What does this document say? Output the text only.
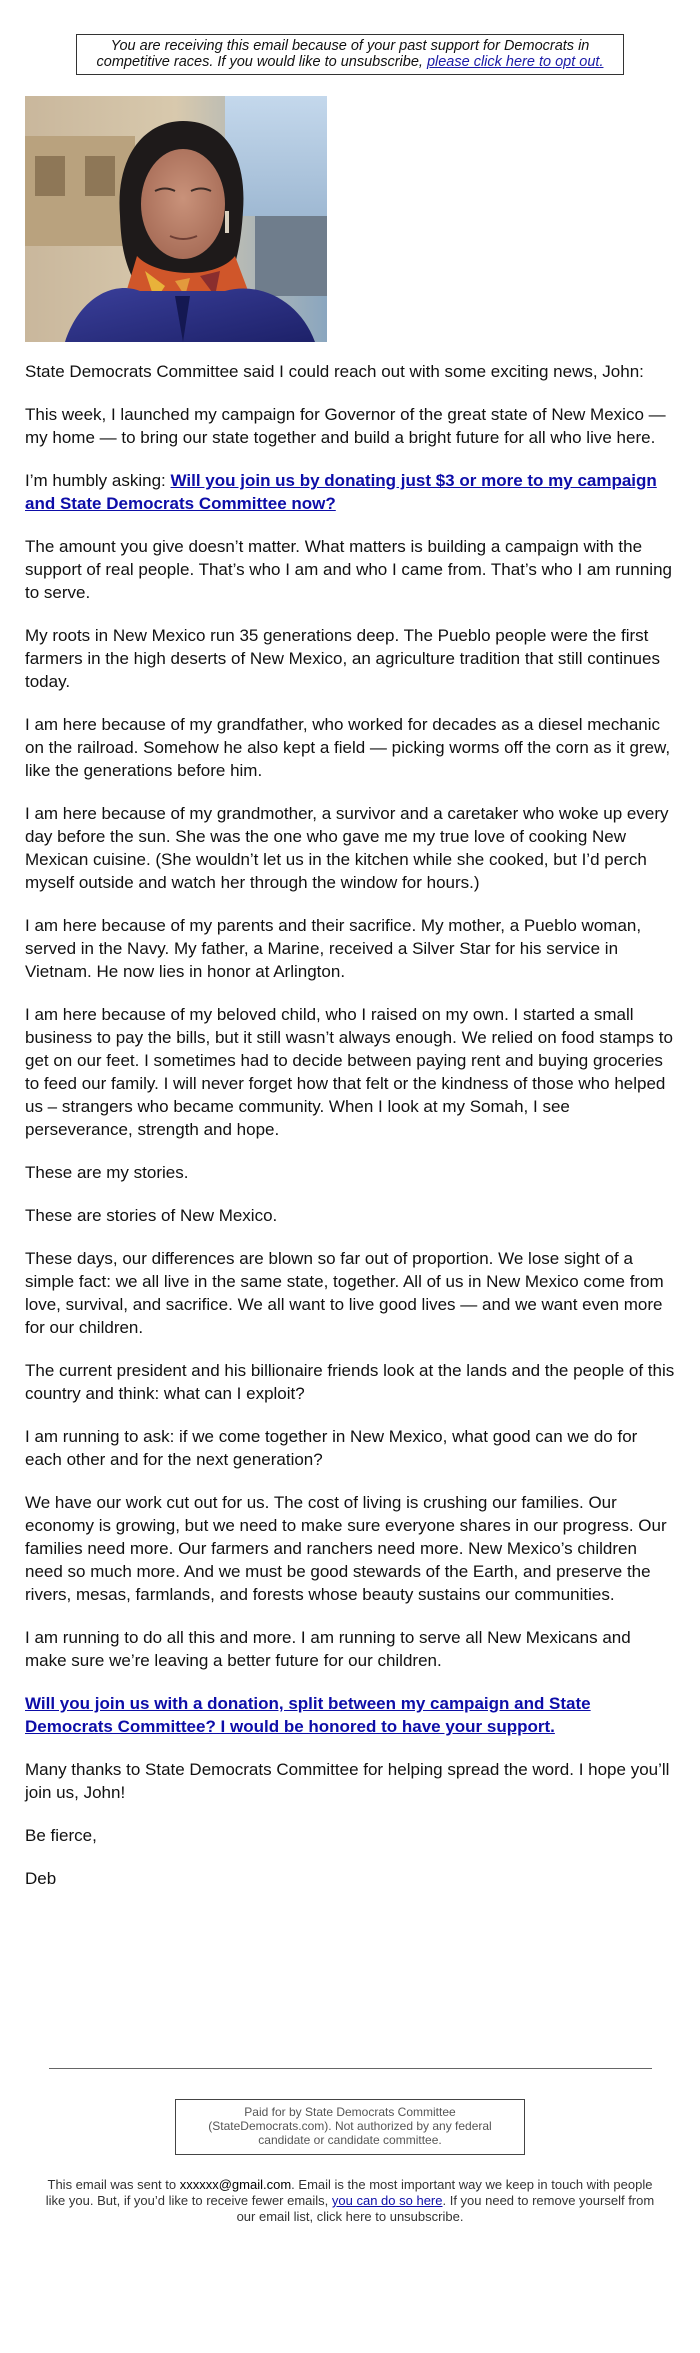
You are receiving this email because of your past support for Democrats in competitive races. If you would like to unsubscribe, please click here to opt out.

State Democrats Committee said I could reach out with some exciting news, John:

This week, I launched my campaign for Governor of the great state of New Mexico — my home — to bring our state together and build a bright future for all who live here.

I’m humbly asking: Will you join us by donating just $3 or more to my campaign and State Democrats Committee now?

The amount you give doesn’t matter. What matters is building a campaign with the support of real people. That’s who I am and who I came from. That’s who I am running to serve.

My roots in New Mexico run 35 generations deep. The Pueblo people were the first farmers in the high deserts of New Mexico, an agriculture tradition that still continues today.

I am here because of my grandfather, who worked for decades as a diesel mechanic on the railroad. Somehow he also kept a field — picking worms off the corn as it grew, like the generations before him.

I am here because of my grandmother, a survivor and a caretaker who woke up every day before the sun. She was the one who gave me my true love of cooking New Mexican cuisine. (She wouldn’t let us in the kitchen while she cooked, but I’d perch myself outside and watch her through the window for hours.)

I am here because of my parents and their sacrifice. My mother, a Pueblo woman, served in the Navy. My father, a Marine, received a Silver Star for his service in Vietnam. He now lies in honor at Arlington.

I am here because of my beloved child, who I raised on my own. I started a small business to pay the bills, but it still wasn’t always enough. We relied on food stamps to get on our feet. I sometimes had to decide between paying rent and buying groceries to feed our family. I will never forget how that felt or the kindness of those who helped us – strangers who became community. When I look at my Somah, I see perseverance, strength and hope.

These are my stories.

These are stories of New Mexico.

These days, our differences are blown so far out of proportion. We lose sight of a simple fact: we all live in the same state, together. All of us in New Mexico come from love, survival, and sacrifice. We all want to live good lives — and we want even more for our children.

The current president and his billionaire friends look at the lands and the people of this country and think: what can I exploit?

I am running to ask: if we come together in New Mexico, what good can we do for each other and for the next generation?

We have our work cut out for us. The cost of living is crushing our families. Our economy is growing, but we need to make sure everyone shares in our progress. Our families need more. Our farmers and ranchers need more. New Mexico’s children need so much more. And we must be good stewards of the Earth, and preserve the rivers, mesas, farmlands, and forests whose beauty sustains our communities.

I am running to do all this and more. I am running to serve all New Mexicans and make sure we’re leaving a better future for our children.

Will you join us with a donation, split between my campaign and State Democrats Committee? I would be honored to have your support.

Many thanks to State Democrats Committee for helping spread the word. I hope you’ll join us, John!

Be fierce,

Deb

Paid for by State Democrats Committee (StateDemocrats.com). Not authorized by any federal candidate or candidate committee.
This email was sent to xxxxxx@gmail.com. Email is the most important way we keep in touch with people like you. But, if you’d like to receive fewer emails, you can do so here. If you need to remove yourself from our email list, click here to unsubscribe.
